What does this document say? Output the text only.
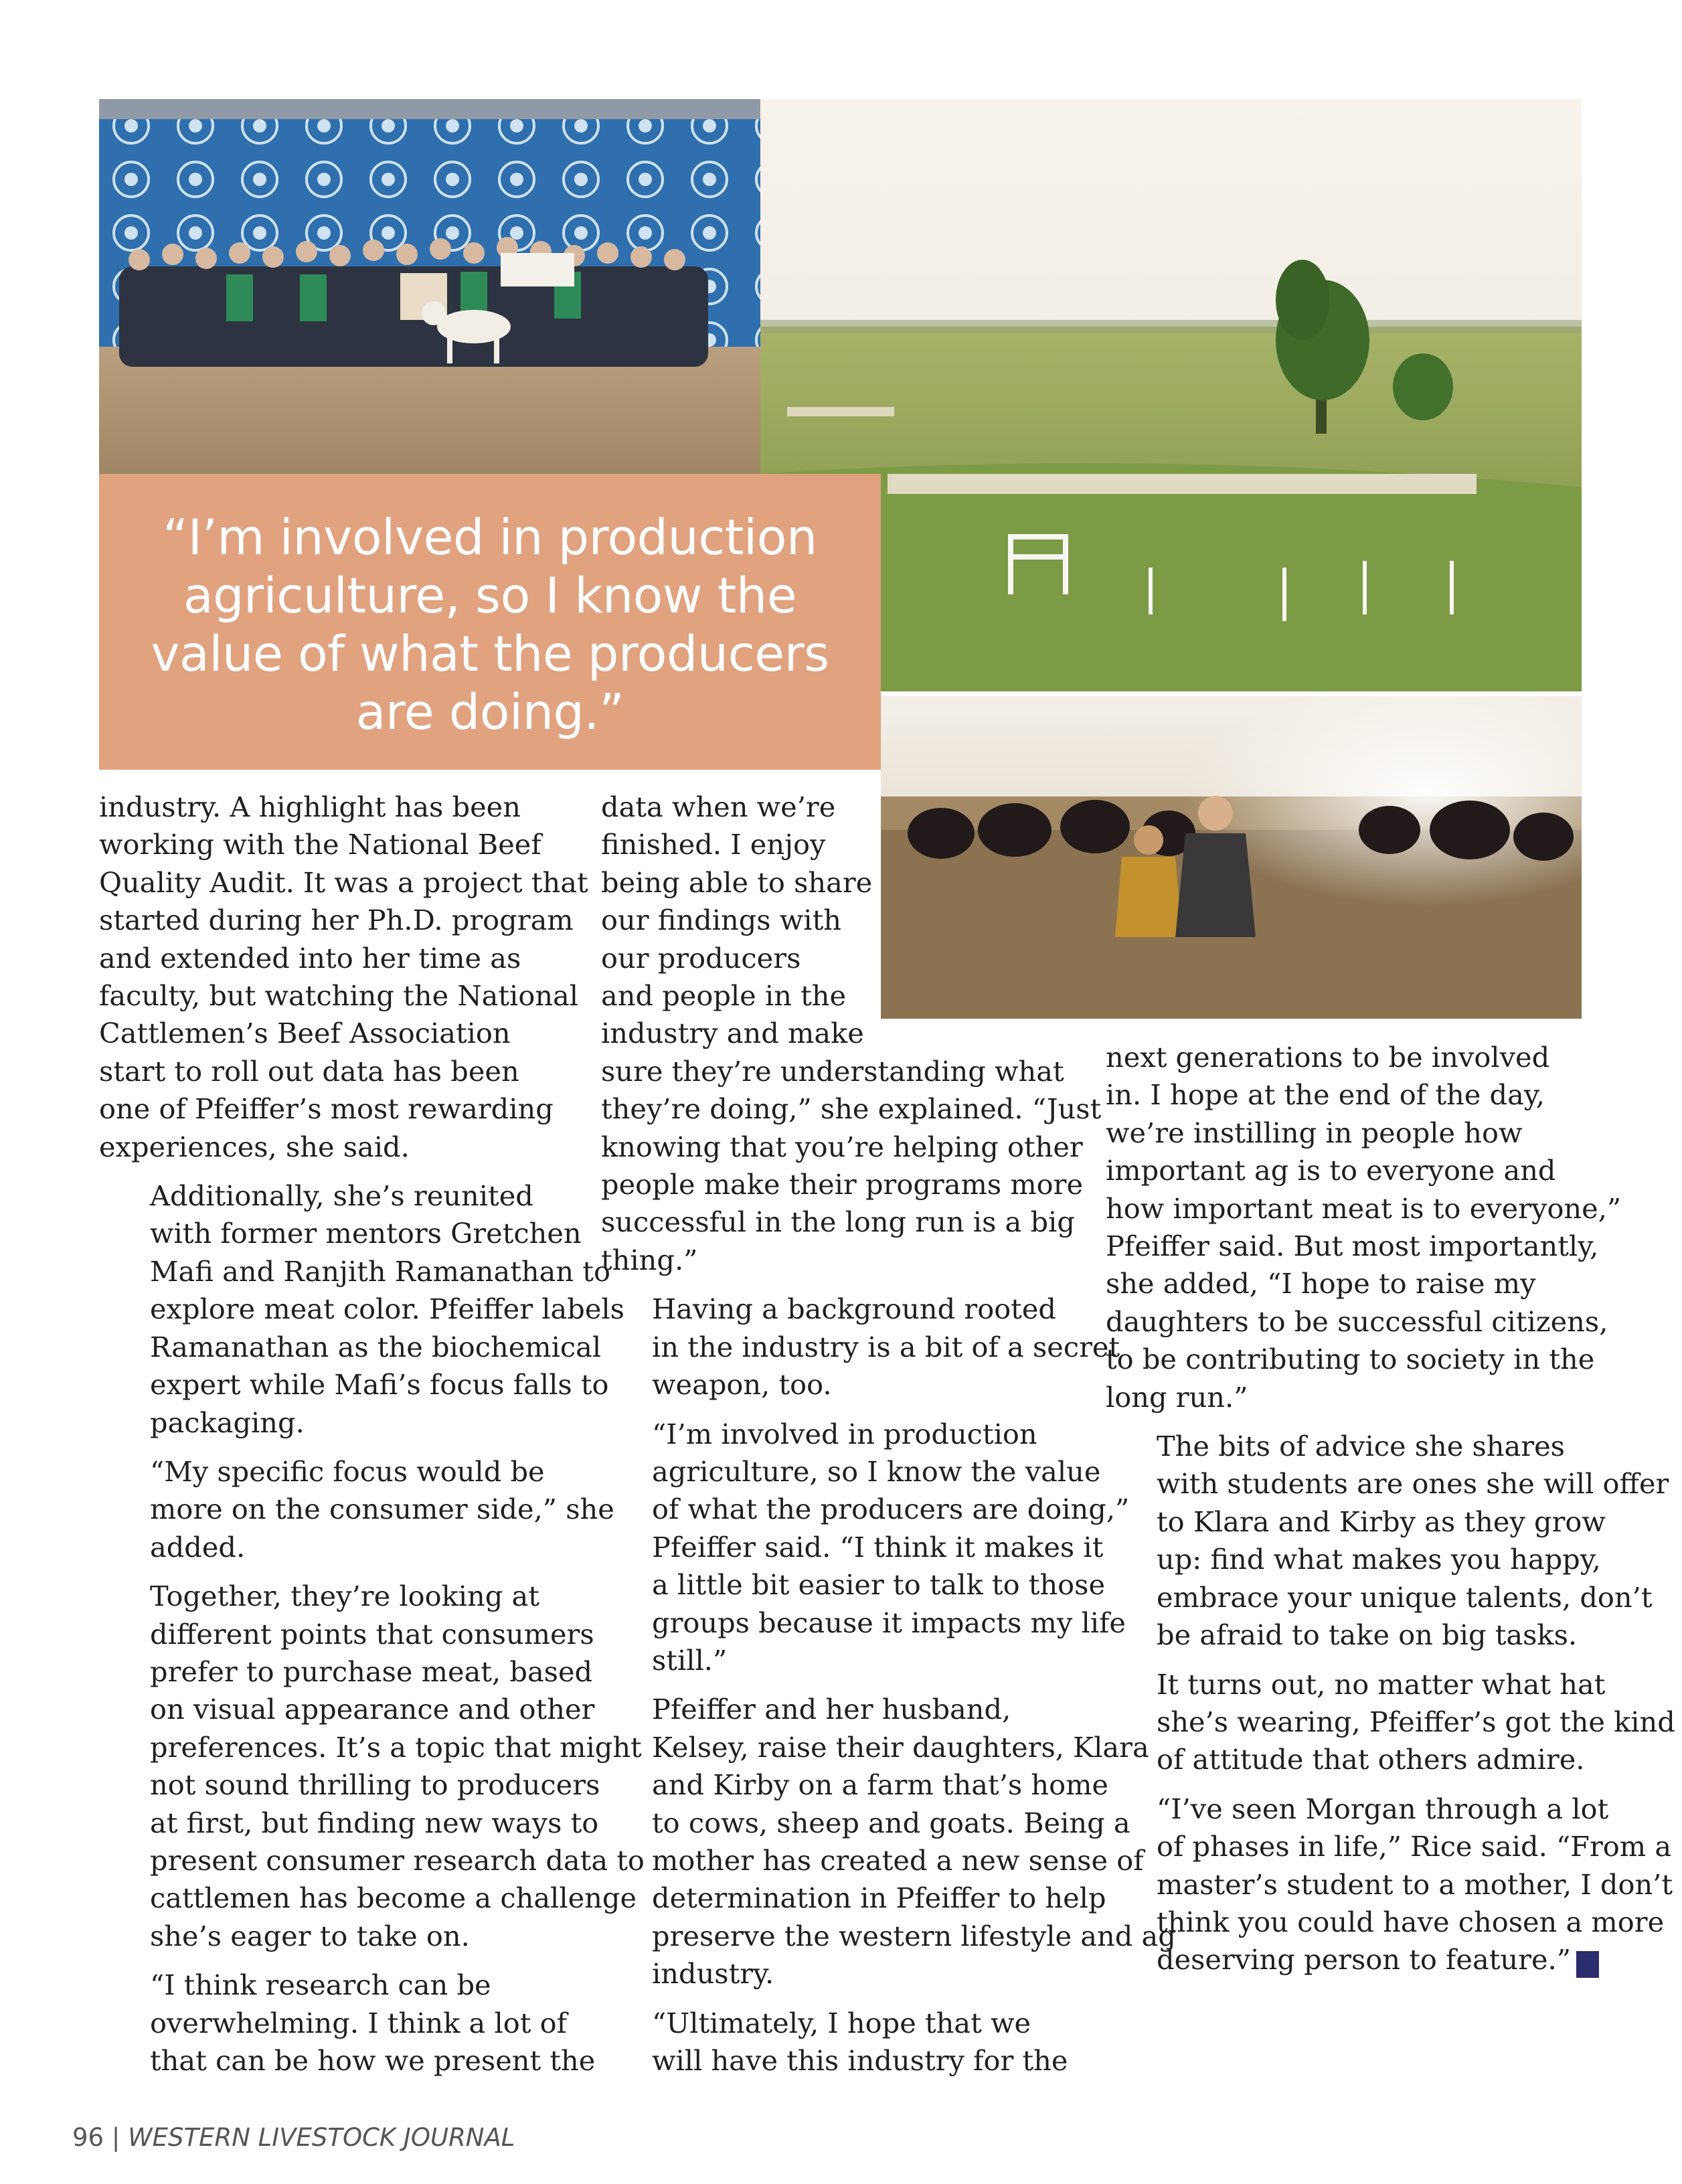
“I’m involved in production
agriculture, so I know the
value of what the producers
are doing.”

industry. A highlight has been
working with the National Beef
Quality Audit. It was a project that
started during her Ph.D. program
and extended into her time as
faculty, but watching the National
Cattlemen’s Beef Association
start to roll out data has been
one of Pfeiffer’s most rewarding
experiences, she said.

Additionally, she’s reunited
with former mentors Gretchen
Mafi and Ranjith Ramanathan to
explore meat color. Pfeiffer labels
Ramanathan as the biochemical
expert while Mafi’s focus falls to
packaging.

“My specific focus would be
more on the consumer side,” she
added.

Together, they’re looking at
different points that consumers
prefer to purchase meat, based
on visual appearance and other
preferences. It’s a topic that might
not sound thrilling to producers
at first, but finding new ways to
present consumer research data to
cattlemen has become a challenge
she’s eager to take on.

“I think research can be
overwhelming. I think a lot of
that can be how we present the

data when we’re
finished. I enjoy
being able to share
our findings with
our producers
and people in the
industry and make
sure they’re understanding what
they’re doing,” she explained. “Just
knowing that you’re helping other
people make their programs more
successful in the long run is a big
thing.”

Having a background rooted
in the industry is a bit of a secret
weapon, too.

“I’m involved in production
agriculture, so I know the value
of what the producers are doing,”
Pfeiffer said. “I think it makes it
a little bit easier to talk to those
groups because it impacts my life
still.”

Pfeiffer and her husband,
Kelsey, raise their daughters, Klara
and Kirby on a farm that’s home
to cows, sheep and goats. Being a
mother has created a new sense of
determination in Pfeiffer to help
preserve the western lifestyle and ag
industry.

“Ultimately, I hope that we
will have this industry for the

next generations to be involved
in. I hope at the end of the day,
we’re instilling in people how
important ag is to everyone and
how important meat is to everyone,”
Pfeiffer said. But most importantly,
she added, “I hope to raise my
daughters to be successful citizens,
to be contributing to society in the
long run.”

The bits of advice she shares
with students are ones she will offer
to Klara and Kirby as they grow
up: find what makes you happy,
embrace your unique talents, don’t
be afraid to take on big tasks.

It turns out, no matter what hat
she’s wearing, Pfeiffer’s got the kind
of attitude that others admire.

“I’ve seen Morgan through a lot
of phases in life,” Rice said. “From a
master’s student to a mother, I don’t
think you could have chosen a more
deserving person to feature.”	W

96 | WESTERN LIVESTOCK JOURNAL
